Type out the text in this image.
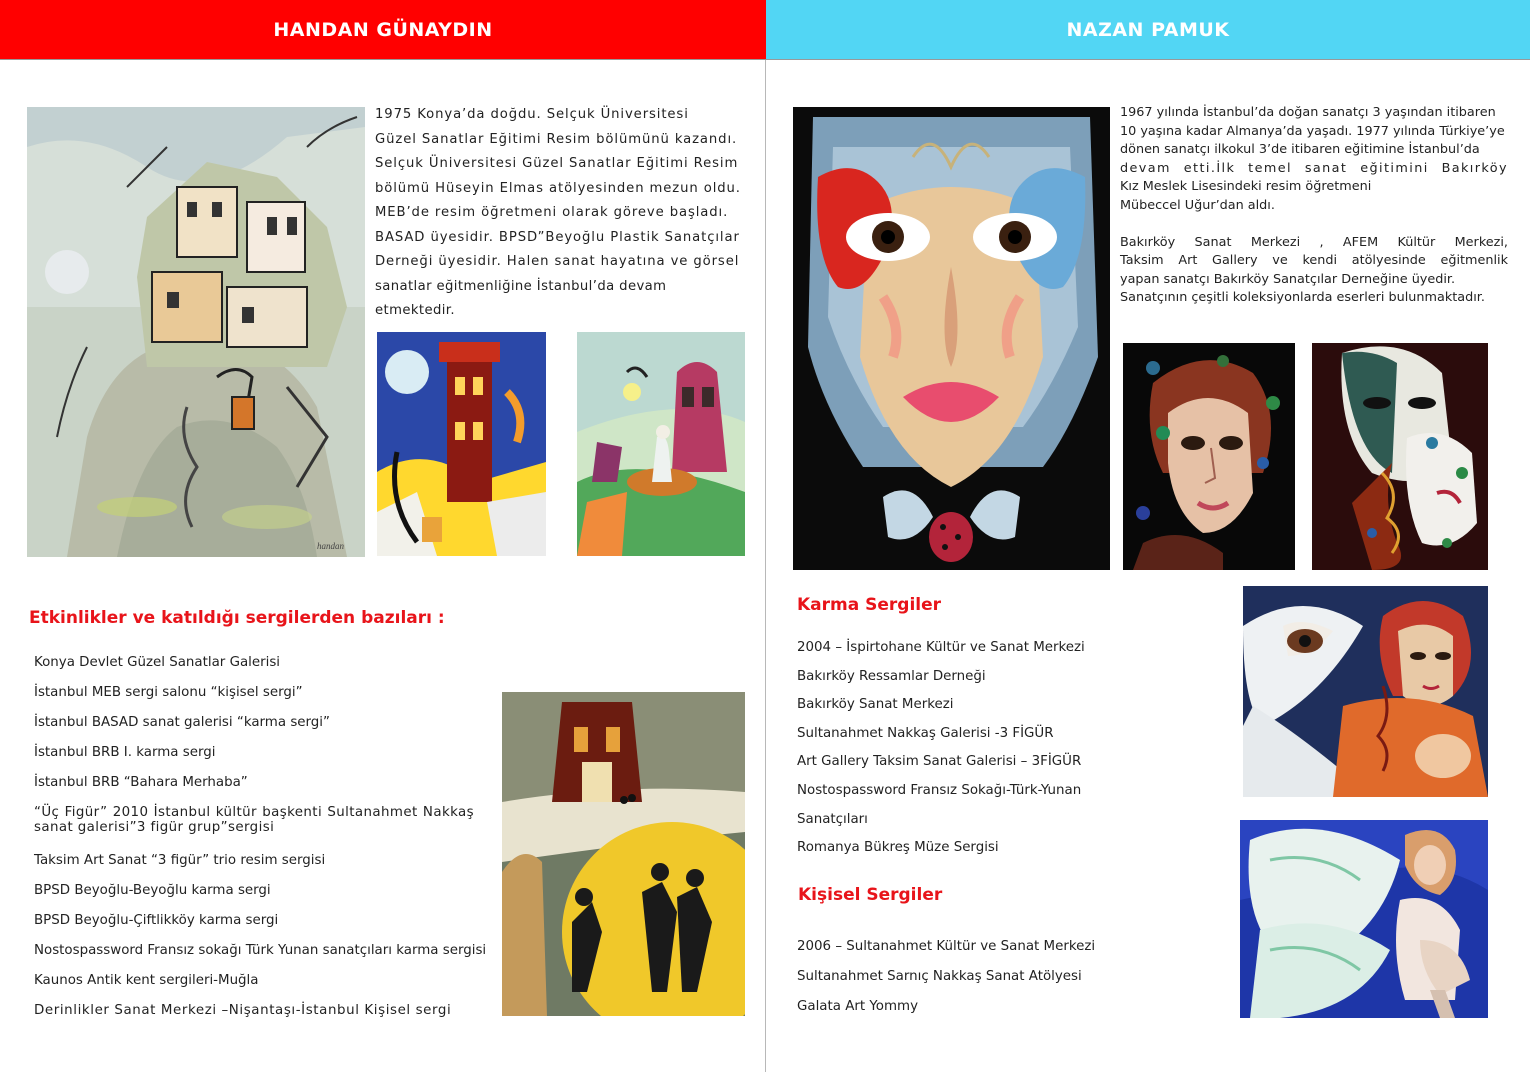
HANDAN GÜNAYDIN	NAZAN PAMUK
handan
1975 Konya’da doğdu. Selçuk Üniversitesi
Güzel Sanatlar Eğitimi Resim bölümünü kazandı.
Selçuk Üniversitesi Güzel Sanatlar Eğitimi Resim
bölümü Hüseyin Elmas atölyesinden mezun oldu.
MEB’de resim öğretmeni olarak göreve başladı.
BASAD üyesidir. BPSD”Beyoğlu Plastik Sanatçılar
Derneği üyesidir. Halen sanat hayatına ve görsel
sanatlar eğitmenliğine İstanbul’da devam etmektedir.
Etkinlikler ve katıldığı sergilerden bazıları :
Konya Devlet Güzel Sanatlar Galerisi
İstanbul MEB sergi salonu “kişisel sergi”
İstanbul BASAD sanat galerisi “karma sergi”
İstanbul BRB I. karma sergi
İstanbul BRB “Bahara Merhaba”
“Üç Figür” 2010 İstanbul kültür başkenti Sultanahmet Nakkaş sanat galerisi”3 figür grup”sergisi
Taksim Art Sanat “3 figür” trio resim sergisi
BPSD Beyoğlu-Beyoğlu karma sergi
BPSD Beyoğlu-Çiftlikköy karma sergi
Nostospassword Fransız sokağı Türk Yunan sanatçıları karma sergisi
Kaunos Antik kent sergileri-Muğla
Derinlikler Sanat Merkezi –Nişantaşı-İstanbul Kişisel sergi

1967 yılında İstanbul’da doğan sanatçı 3 yaşından itibaren
10 yaşına kadar Almanya’da yaşadı. 1977 yılında Türkiye’ye
dönen sanatçı ilkokul 3’de itibaren eğitimine İstanbul’da
devam etti.İlk temel sanat eğitimini Bakırköy
Kız Meslek Lisesindeki resim öğretmeni
Mübeccel Uğur’dan aldı.

Bakırköy Sanat Merkezi , AFEM Kültür Merkezi,
Taksim Art Gallery ve kendi atölyesinde eğitmenlik
yapan sanatçı Bakırköy Sanatçılar Derneğine üyedir.
Sanatçının çeşitli koleksiyonlarda eserleri bulunmaktadır.

Karma Sergiler
2004 – İspirtohane Kültür ve Sanat Merkezi
Bakırköy Ressamlar Derneği
Bakırköy Sanat Merkezi
Sultanahmet Nakkaş Galerisi -3 FİGÜR
Art Gallery Taksim Sanat Galerisi – 3FİGÜR
Nostospassword Fransız Sokağı-Türk-Yunan
Sanatçıları
Romanya Bükreş Müze Sergisi
Kişisel Sergiler
2006 – Sultanahmet Kültür ve Sanat Merkezi
Sultanahmet Sarnıç Nakkaş Sanat Atölyesi
Galata Art Yommy
